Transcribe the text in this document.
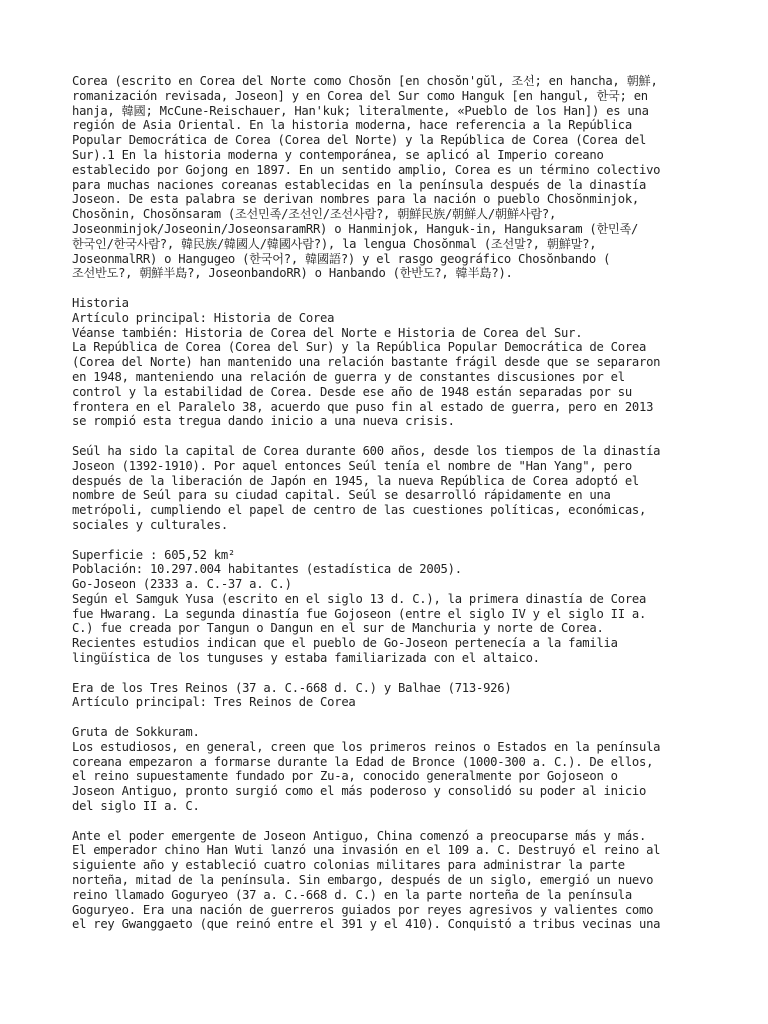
Corea (escrito en Corea del Norte como Chosŏn [en chosŏn'gŭl, 조선; en hancha, 朝鮮,
romanización revisada, Joseon] y en Corea del Sur como Hanguk [en hangul, 한국; en
hanja, 韓國; McCune-Reischauer, Han'kuk; literalmente, «Pueblo de los Han]) es una
región de Asia Oriental. En la historia moderna, hace referencia a la República
Popular Democrática de Corea (Corea del Norte) y la República de Corea (Corea del
Sur).1 En la historia moderna y contemporánea, se aplicó al Imperio coreano
establecido por Gojong en 1897. En un sentido amplio, Corea es un término colectivo
para muchas naciones coreanas establecidas en la península después de la dinastía
Joseon. De esta palabra se derivan nombres para la nación o pueblo Chosŏnminjok,
Chosŏnin, Chosŏnsaram (조선민족/조선인/조선사람?, 朝鮮民族/朝鮮人/朝鮮사람?,
Joseonminjok/Joseonin/JoseonsaramRR) o Hanminjok, Hanguk-in, Hanguksaram (한민족/
한국인/한국사람?, 韓民族/韓國人/韓國사람?), la lengua Chosŏnmal (조선말?, 朝鮮말?,
JoseonmalRR) o Hangugeo (한국어?, 韓國語?) y el rasgo geográfico Chosŏnbando (
조선반도?, 朝鮮半島?, JoseonbandoRR) o Hanbando (한반도?, 韓半島?).
Historia
Artículo principal: Historia de Corea
Véanse también: Historia de Corea del Norte e Historia de Corea del Sur.
La República de Corea (Corea del Sur) y la República Popular Democrática de Corea
(Corea del Norte) han mantenido una relación bastante frágil desde que se separaron
en 1948, manteniendo una relación de guerra y de constantes discusiones por el
control y la estabilidad de Corea. Desde ese año de 1948 están separadas por su
frontera en el Paralelo 38, acuerdo que puso fin al estado de guerra, pero en 2013
se rompió esta tregua dando inicio a una nueva crisis.
Seúl ha sido la capital de Corea durante 600 años, desde los tiempos de la dinastía
Joseon (1392-1910). Por aquel entonces Seúl tenía el nombre de "Han Yang", pero
después de la liberación de Japón en 1945, la nueva República de Corea adoptó el
nombre de Seúl para su ciudad capital. Seúl se desarrolló rápidamente en una
metrópoli, cumpliendo el papel de centro de las cuestiones políticas, económicas,
sociales y culturales.
Superficie : 605,52 km²
Población: 10.297.004 habitantes (estadística de 2005).
Go-Joseon (2333 a. C.-37 a. C.)
Según el Samguk Yusa (escrito en el siglo 13 d. C.), la primera dinastía de Corea
fue Hwarang. La segunda dinastía fue Gojoseon (entre el siglo IV y el siglo II a.
C.) fue creada por Tangun o Dangun en el sur de Manchuria y norte de Corea.
Recientes estudios indican que el pueblo de Go-Joseon pertenecía a la familia
lingüística de los tunguses y estaba familiarizada con el altaico.
Era de los Tres Reinos (37 a. C.-668 d. C.) y Balhae (713-926)
Artículo principal: Tres Reinos de Corea
Gruta de Sokkuram.
Los estudiosos, en general, creen que los primeros reinos o Estados en la península
coreana empezaron a formarse durante la Edad de Bronce (1000-300 a. C.). De ellos,
el reino supuestamente fundado por Zu-a, conocido generalmente por Gojoseon o
Joseon Antiguo, pronto surgió como el más poderoso y consolidó su poder al inicio
del siglo II a. C.
Ante el poder emergente de Joseon Antiguo, China comenzó a preocuparse más y más.
El emperador chino Han Wuti lanzó una invasión en el 109 a. C. Destruyó el reino al
siguiente año y estableció cuatro colonias militares para administrar la parte
norteña, mitad de la península. Sin embargo, después de un siglo, emergió un nuevo
reino llamado Goguryeo (37 a. C.-668 d. C.) en la parte norteña de la península
Goguryeo. Era una nación de guerreros guiados por reyes agresivos y valientes como
el rey Gwanggaeto (que reinó entre el 391 y el 410). Conquistó a tribus vecinas una
